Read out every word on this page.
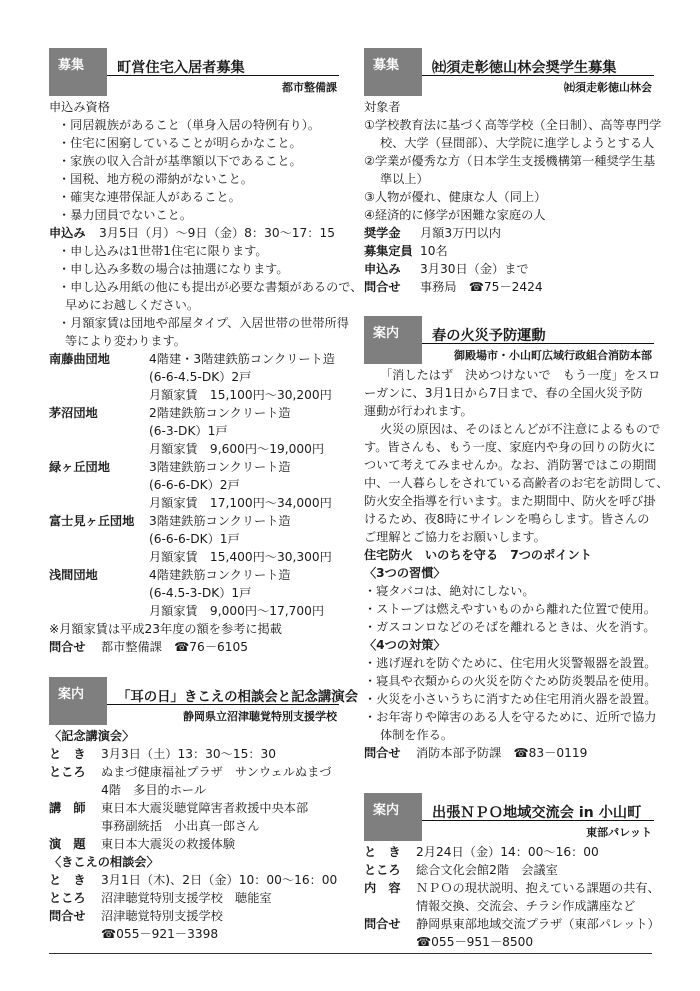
募集	町営住宅入居者募集
都市整備課
申込み資格
・同居親族があること（単身入居の特例有り）。
・住宅に困窮していることが明らかなこと。
・家族の収入合計が基準額以下であること。
・国税、地方税の滞納がないこと。
・確実な連帯保証人があること。
・暴力団員でないこと。
申込み 3月5日（月）～9日（金）8：30～17：15
・申し込みは1世帯1住宅に限ります。
・申し込み多数の場合は抽選になります。
・申し込み用紙の他にも提出が必要な書類があるので、
早めにお越しください。
・月額家賃は団地や部屋タイプ、入居世帯の世帯所得
等により変わります。
南藤曲団地	4階建・3階建鉄筋コンクリート造
(6-6-4.5-DK）2戸
月額家賃　15,100円～30,200円
茅沼団地	2階建鉄筋コンクリート造
(6-3-DK）1戸
月額家賃　9,600円～19,000円
緑ヶ丘団地	3階建鉄筋コンクリート造
(6-6-6-DK）2戸
月額家賃　17,100円～34,000円
富士見ヶ丘団地 3階建鉄筋コンクリート造
(6-6-6-DK）1戸
月額家賃　15,400円～30,300円
浅間団地	4階建鉄筋コンクリート造
(6-4.5-3-DK）1戸
月額家賃　9,000円～17,700円
※月額家賃は平成23年度の額を参考に掲載
問合せ 都市整備課　☎76－6105
案内	「耳の日」きこえの相談会と記念講演会
静岡県立沼津聴覚特別支援学校
〈記念講演会〉
と　き 3月3日（土）13：30～15：30
ところ ぬまづ健康福祉プラザ　サンウェルぬまづ
4階　多目的ホール
講　師 東日本大震災聴覚障害者救援中央本部
事務副統括　小出真一郎さん
演　題 東日本大震災の救援体験
〈きこえの相談会〉
と　き 3月1日（木)、2日（金）10：00～16：00
ところ 沼津聴覚特別支援学校　聴能室
問合せ 沼津聴覚特別支援学校
☎055－921－3398
募集	㈳須走彰徳山林会奨学生募集
㈳須走彰徳山林会
対象者
①学校教育法に基づく高等学校（全日制）、高等専門学
校、大学（昼間部）、大学院に進学しようとする人
②学業が優秀な方（日本学生支援機構第一種奨学生基
準以上）
③人物が優れ、健康な人（同上）
④経済的に修学が困難な家庭の人
奨学金 月額3万円以内
募集定員 10名
申込み 3月30日（金）まで
問合せ 事務局　☎75－2424
案内	春の火災予防運動
御殿場市・小山町広域行政組合消防本部
「消したはず　決めつけないで　もう一度」をスロ
ーガンに、3月1日から7日まで、春の全国火災予防
運動が行われます。
火災の原因は、そのほとんどが不注意によるもので
す。皆さんも、もう一度、家庭内や身の回りの防火に
ついて考えてみませんか。なお、消防署ではこの期間
中、一人暮らしをされている高齢者のお宅を訪問して、
防火安全指導を行います。また期間中、防火を呼び掛
けるため、夜8時にサイレンを鳴らします。皆さんの
ご理解とご協力をお願いします。
住宅防火　いのちを守る　7つのポイント
〈3つの習慣〉
・寝タバコは、絶対にしない。
・ストーブは燃えやすいものから離れた位置で使用。
・ガスコンロなどのそばを離れるときは、火を消す。
〈4つの対策〉
・逃げ遅れを防ぐために、住宅用火災警報器を設置。
・寝具や衣類からの火災を防ぐため防炎製品を使用。
・火災を小さいうちに消すため住宅用消火器を設置。
・お年寄りや障害のある人を守るために、近所で協力
体制を作る。
問合せ 消防本部予防課　☎83－0119
案内	出張ＮＰＯ地域交流会 in 小山町
東部パレット
と　き 2月24日（金）14：00～16：00
ところ 総合文化会館2階　会議室
内　容 ＮＰＯの現状説明、抱えている課題の共有、
情報交換、交流会、チラシ作成講座など
問合せ 静岡県東部地域交流プラザ（東部パレット）
☎055－951－8500
